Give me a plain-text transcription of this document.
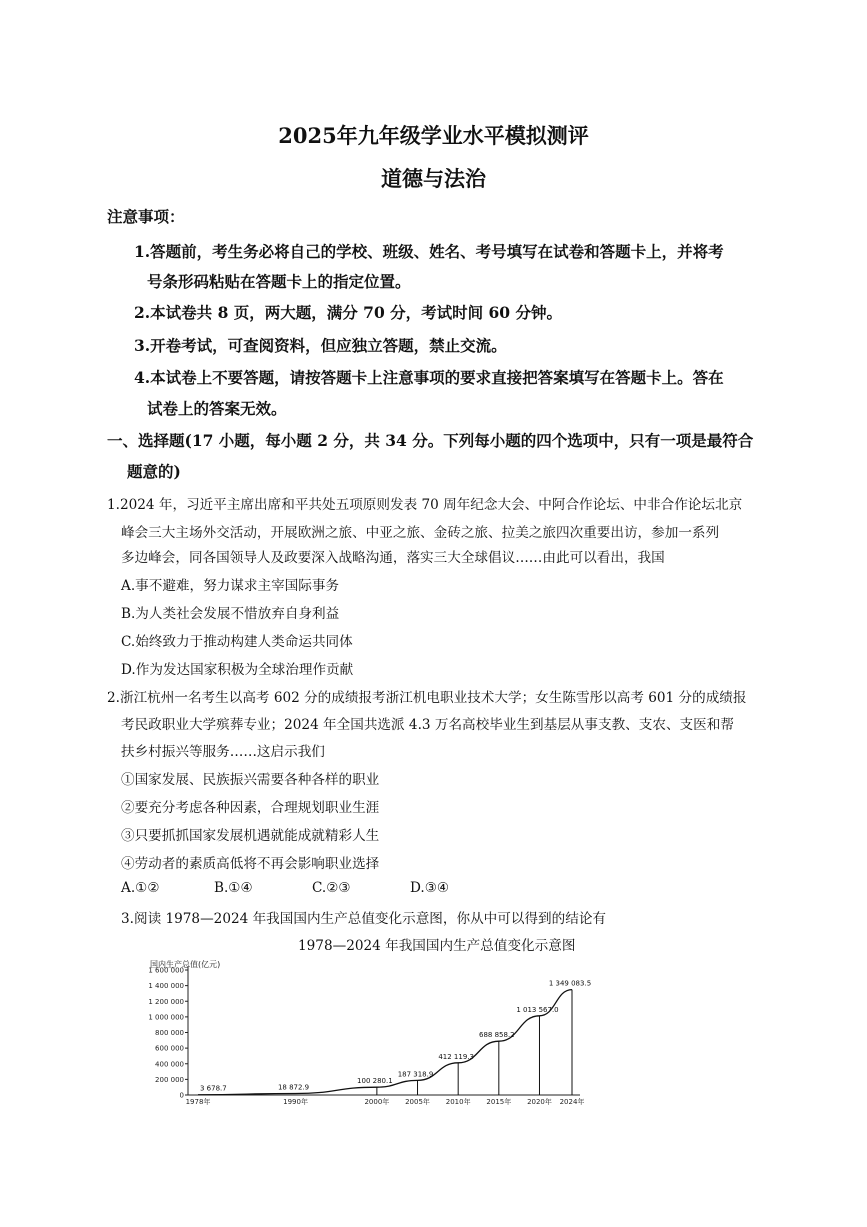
2025年九年级学业水平模拟测评
道德与法治
注意事项：
1.答题前，考生务必将自己的学校、班级、姓名、考号填写在试卷和答题卡上，并将考
号条形码粘贴在答题卡上的指定位置。
2.本试卷共 8 页，两大题，满分 70 分，考试时间 60 分钟。
3.开卷考试，可查阅资料，但应独立答题，禁止交流。
4.本试卷上不要答题，请按答题卡上注意事项的要求直接把答案填写在答题卡上。答在
试卷上的答案无效。
一、选择题(17 小题，每小题 2 分，共 34 分。下列每小题的四个选项中，只有一项是最符合
题意的)
1.2024 年，习近平主席出席和平共处五项原则发表 70 周年纪念大会、中阿合作论坛、中非合作论坛北京
峰会三大主场外交活动，开展欧洲之旅、中亚之旅、金砖之旅、拉美之旅四次重要出访，参加一系列
多边峰会，同各国领导人及政要深入战略沟通，落实三大全球倡议……由此可以看出，我国
A.事不避难，努力谋求主宰国际事务
B.为人类社会发展不惜放弃自身利益
C.始终致力于推动构建人类命运共同体
D.作为发达国家积极为全球治理作贡献
2.浙江杭州一名考生以高考 602 分的成绩报考浙江机电职业技术大学；女生陈雪彤以高考 601 分的成绩报
考民政职业大学殡葬专业；2024 年全国共选派 4.3 万名高校毕业生到基层从事支教、支农、支医和帮
扶乡村振兴等服务……这启示我们
①国家发展、民族振兴需要各种各样的职业
②要充分考虑各种因素，合理规划职业生涯
③只要抓抓国家发展机遇就能成就精彩人生
④劳动者的素质高低将不再会影响职业选择
A.①②	B.①④	C.②③	D.③④
3.阅读 1978—2024 年我国国内生产总值变化示意图，你从中可以得到的结论有
1978—2024 年我国国内生产总值变化示意图
国内生产总值(亿元)
0
200 000
400 000
600 000
800 000
1 000 000
1 200 000
1 400 000
1 600 000
1978年	1990年	2000年 2005年 2010年 2015年 2020年 2024年
3 678.7	18 872.9
100 280.1
187 318.9
412 119.3
688 858.2
1 013 567.0
1 349 083.5
